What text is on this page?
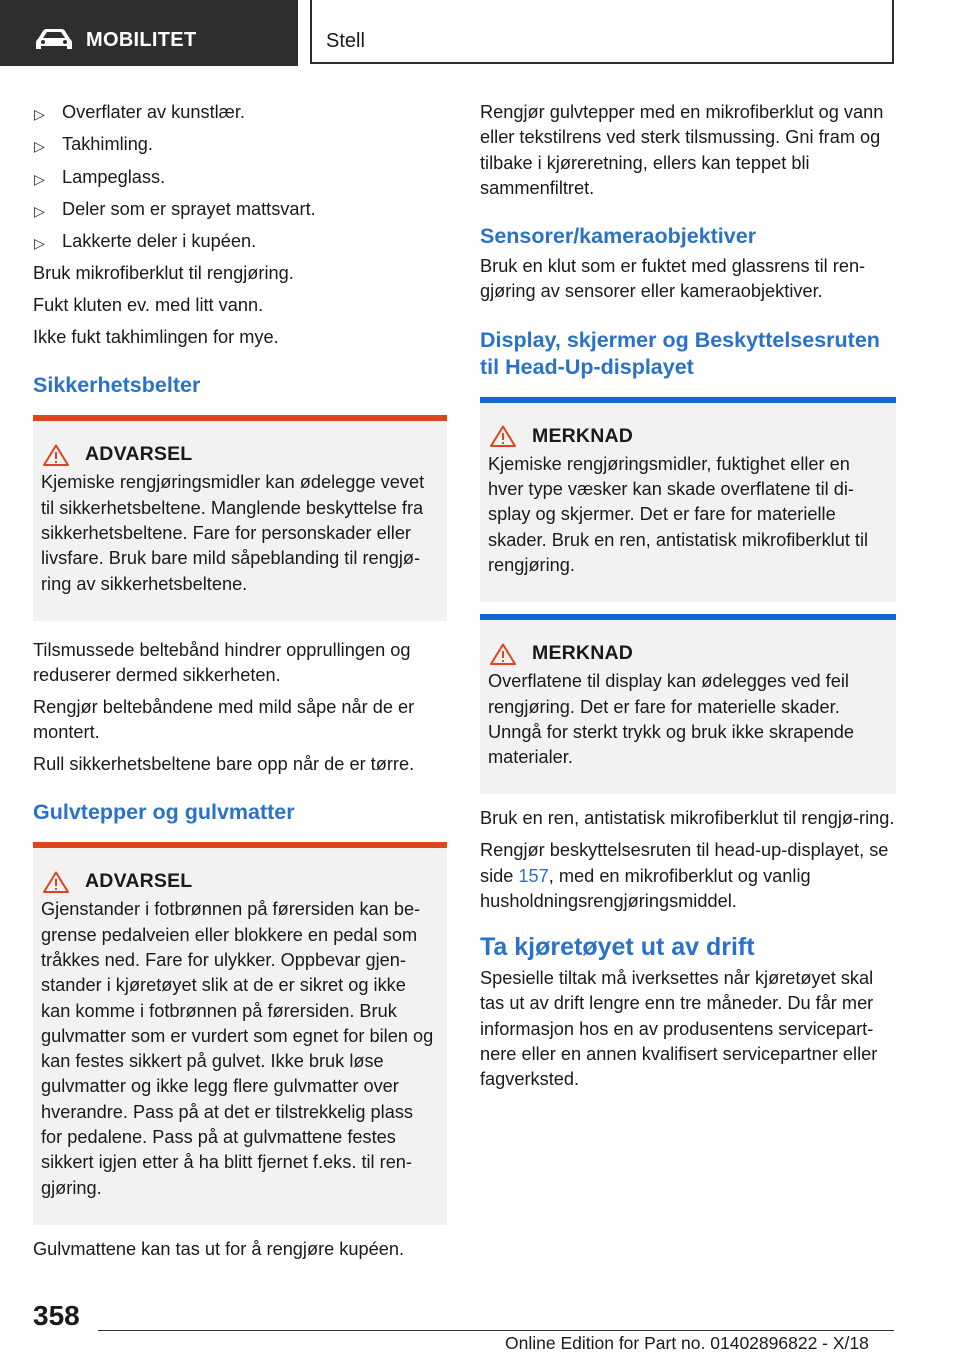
MOBILITET	Stell
▷ Overflater av kunstlær.
▷ Takhimling.
▷ Lampeglass.
▷ Deler som er sprayet mattsvart.
▷ Lakkerte deler i kupéen.

Bruk mikrofiberklut til rengjøring.

Fukt kluten ev. med litt vann.

Ikke fukt takhimlingen for mye.

Sikkerhetsbelter
ADVARSEL
Kjemiske rengjøringsmidler kan ødelegge vevet til sikkerhetsbeltene. Manglende beskyttelse fra sikkerhetsbeltene. Fare for personskader eller livsfare. Bruk bare mild såpeblanding til rengjø‐ring av sikkerhetsbeltene.

Tilsmussede beltebånd hindrer opprullingen og reduserer dermed sikkerheten.

Rengjør beltebåndene med mild såpe når de er montert.

Rull sikkerhetsbeltene bare opp når de er tørre.

Gulvtepper og gulvmatter
ADVARSEL
Gjenstander i fotbrønnen på førersiden kan be‐grense pedalveien eller blokkere en pedal som tråkkes ned. Fare for ulykker. Oppbevar gjen‐stander i kjøretøyet slik at de er sikret og ikke kan komme i fotbrønnen på førersiden. Bruk gulvmatter som er vurdert som egnet for bilen og kan festes sikkert på gulvet. Ikke bruk løse gulvmatter og ikke legg flere gulvmatter over hverandre. Pass på at det er tilstrekkelig plass for pedalene. Pass på at gulvmattene festes sikkert igjen etter å ha blitt fjernet f.eks. til ren‐gjøring.

Gulvmattene kan tas ut for å rengjøre kupéen.

Rengjør gulvtepper med en mikrofiberklut og vann eller tekstilrens ved sterk tilsmussing. Gni fram og tilbake i kjøreretning, ellers kan teppet bli sammenfiltret.

Sensorer/kameraobjektiver

Bruk en klut som er fuktet med glassrens til ren‐gjøring av sensorer eller kameraobjektiver.

Display, skjermer og Beskyttelsesruten til Head-Up-displayet
MERKNAD
Kjemiske rengjøringsmidler, fuktighet eller en hver type væsker kan skade overflatene til di‐splay og skjermer. Det er fare for materielle skader. Bruk en ren, antistatisk mikrofiberklut til rengjøring.
MERKNAD
Overflatene til display kan ødelegges ved feil rengjøring. Det er fare for materielle skader. Unngå for sterkt trykk og bruk ikke skrapende materialer.

Bruk en ren, antistatisk mikrofiberklut til rengjø‐ring.

Rengjør beskyttelsesruten til head-up-displayet, se side 157, med en mikrofiberklut og vanlig husholdningsrengjøringsmiddel.

Ta kjøretøyet ut av drift

Spesielle tiltak må iverksettes når kjøretøyet skal tas ut av drift lengre enn tre måneder. Du får mer informasjon hos en av produsentens servicepart‐nere eller en annen kvalifisert servicepartner eller fagverksted.

358
Online Edition for Part no. 01402896822 - X/18
